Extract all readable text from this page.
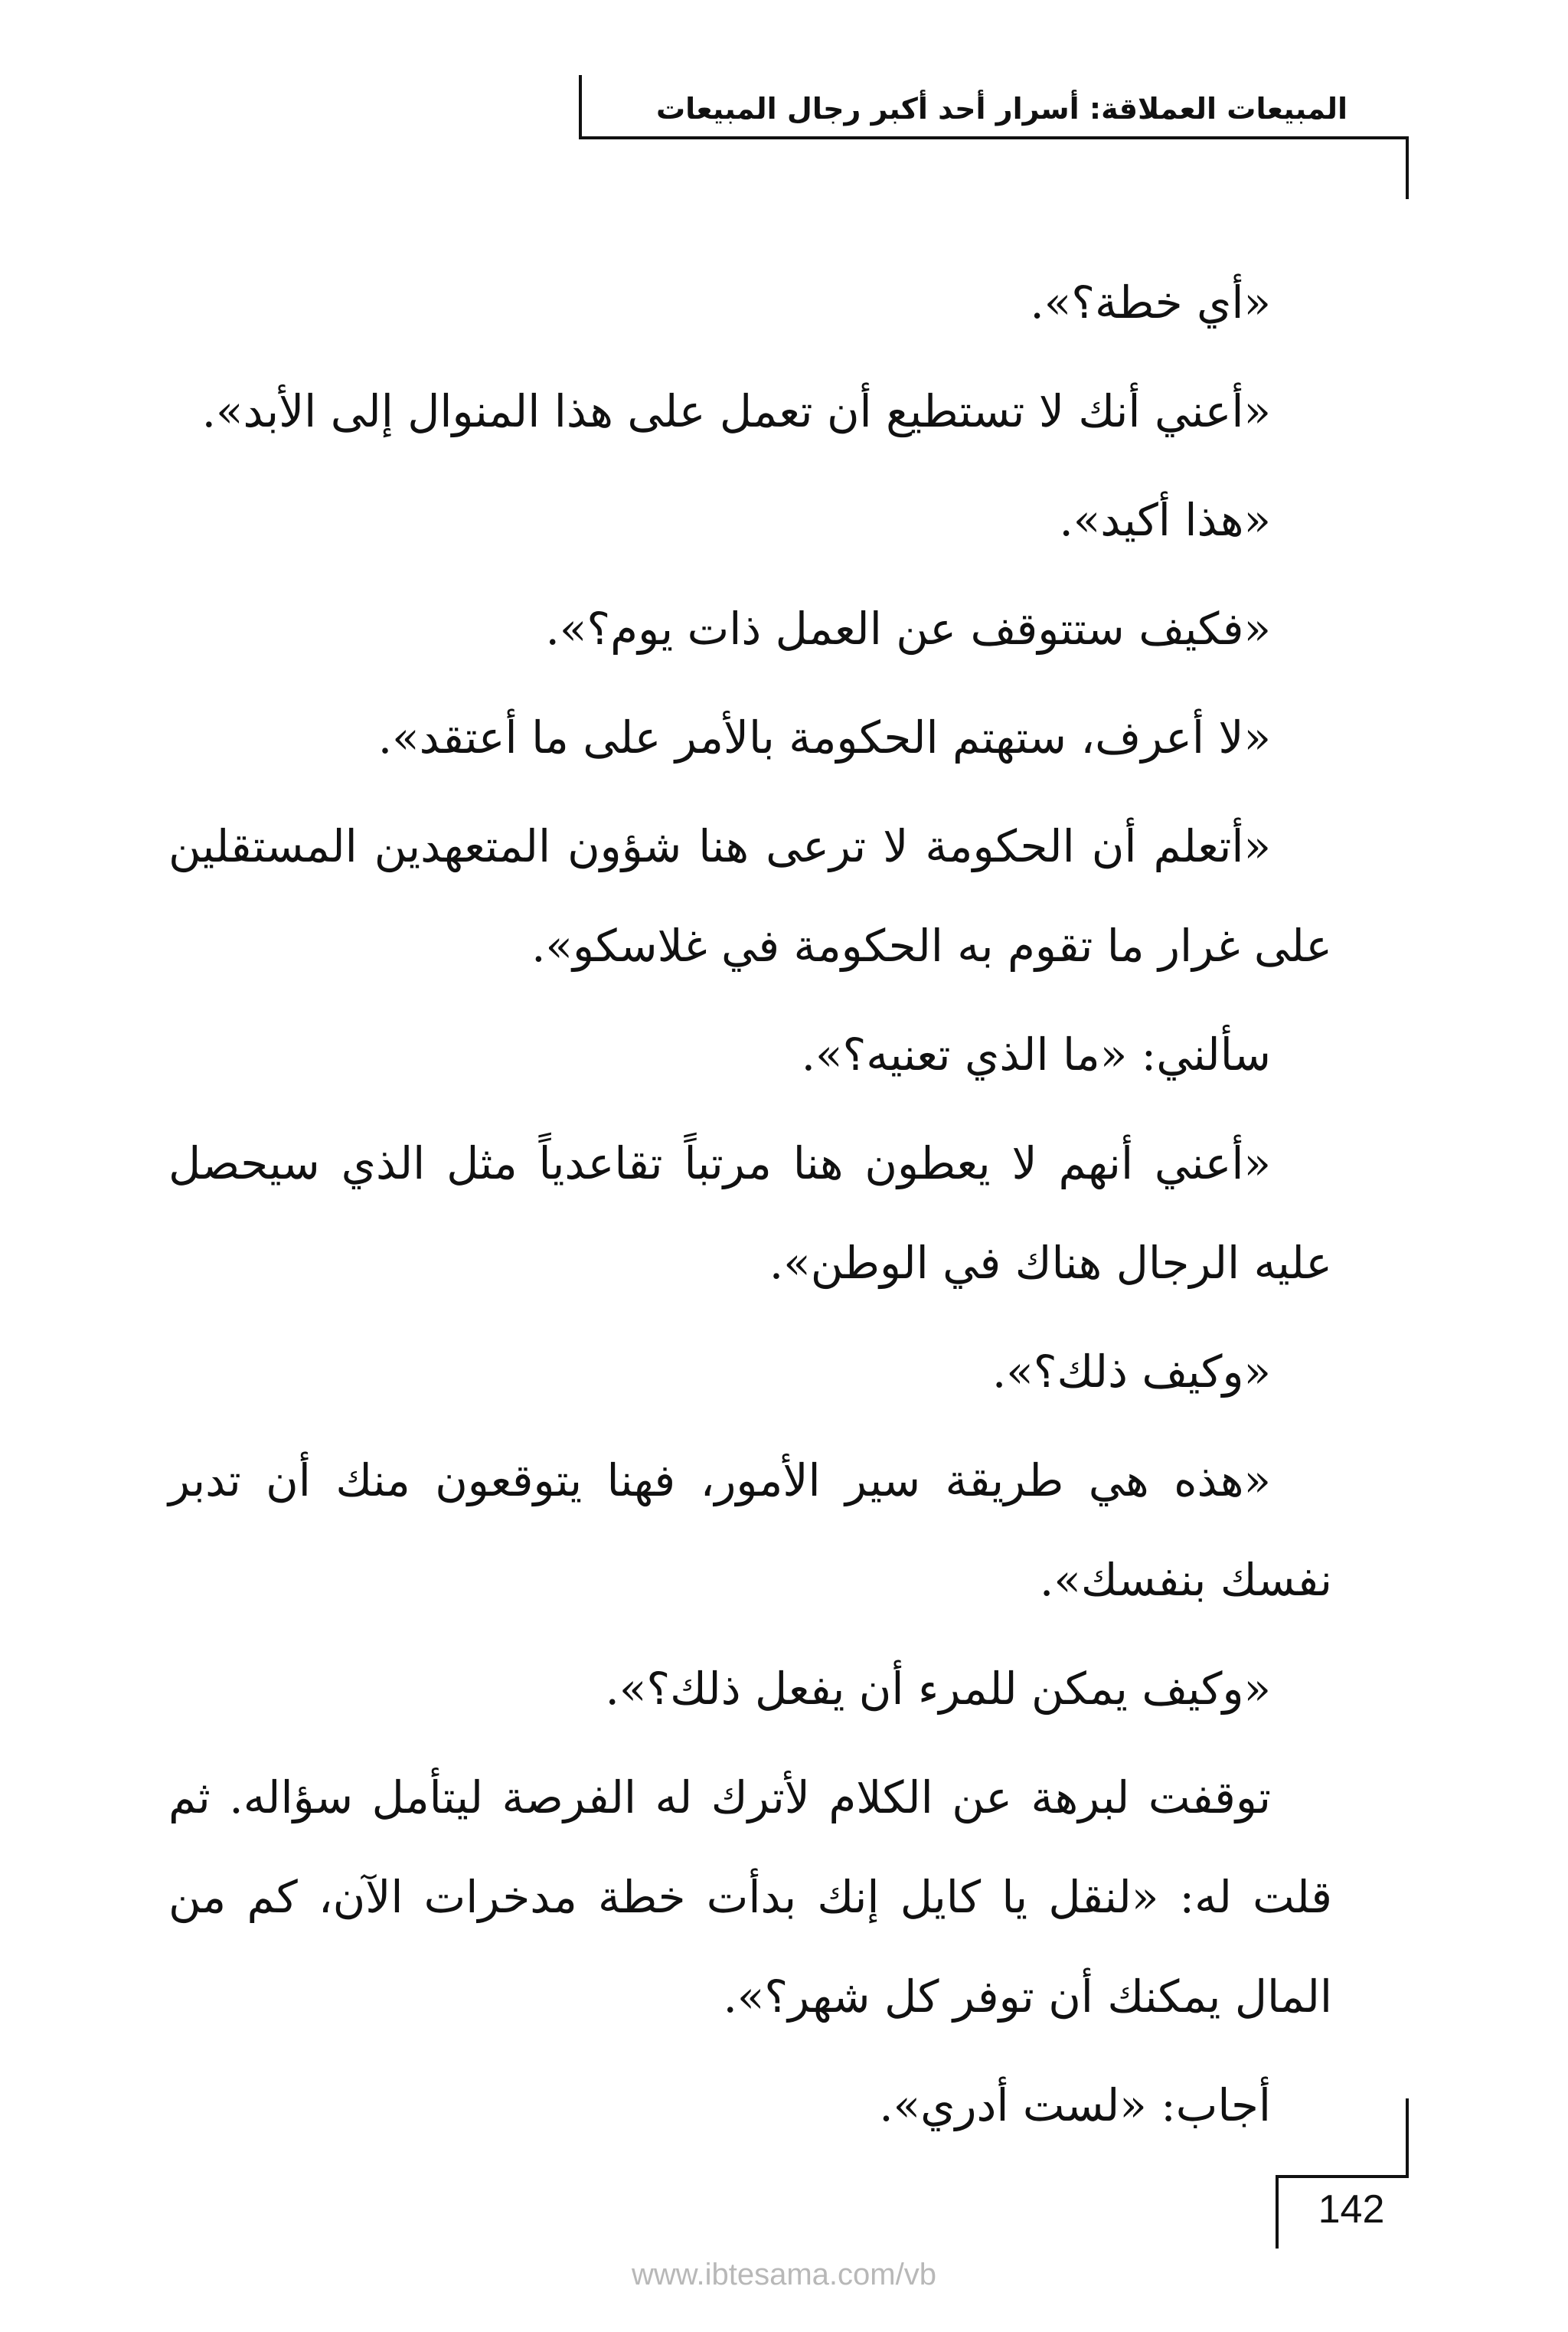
المبيعات العملاقة: أسرار أحد أكبر رجال المبيعات

«أي خطة؟».

«أعني أنك لا تستطيع أن تعمل على هذا المنوال إلى الأبد».

«هذا أكيد».

«فكيف ستتوقف عن العمل ذات يوم؟».

«لا أعرف، ستهتم الحكومة بالأمر على ما أعتقد».

«أتعلم أن الحكومة لا ترعى هنا شؤون المتعهدين المستقلين على غرار ما تقوم به الحكومة في غلاسكو».

سألني: «ما الذي تعنيه؟».

«أعني أنهم لا يعطون هنا مرتباً تقاعدياً مثل الذي سيحصل عليه الرجال هناك في الوطن».

«وكيف ذلك؟».

«هذه هي طريقة سير الأمور، فهنا يتوقعون منك أن تدبر نفسك بنفسك».

«وكيف يمكن للمرء أن يفعل ذلك؟».

توقفت لبرهة عن الكلام لأترك له الفرصة ليتأمل سؤاله. ثم قلت له: «لنقل يا كايل إنك بدأت خطة مدخرات الآن، كم من المال يمكنك أن توفر كل شهر؟».

أجاب: «لست أدري».

142
www.ibtesama.com/vb
